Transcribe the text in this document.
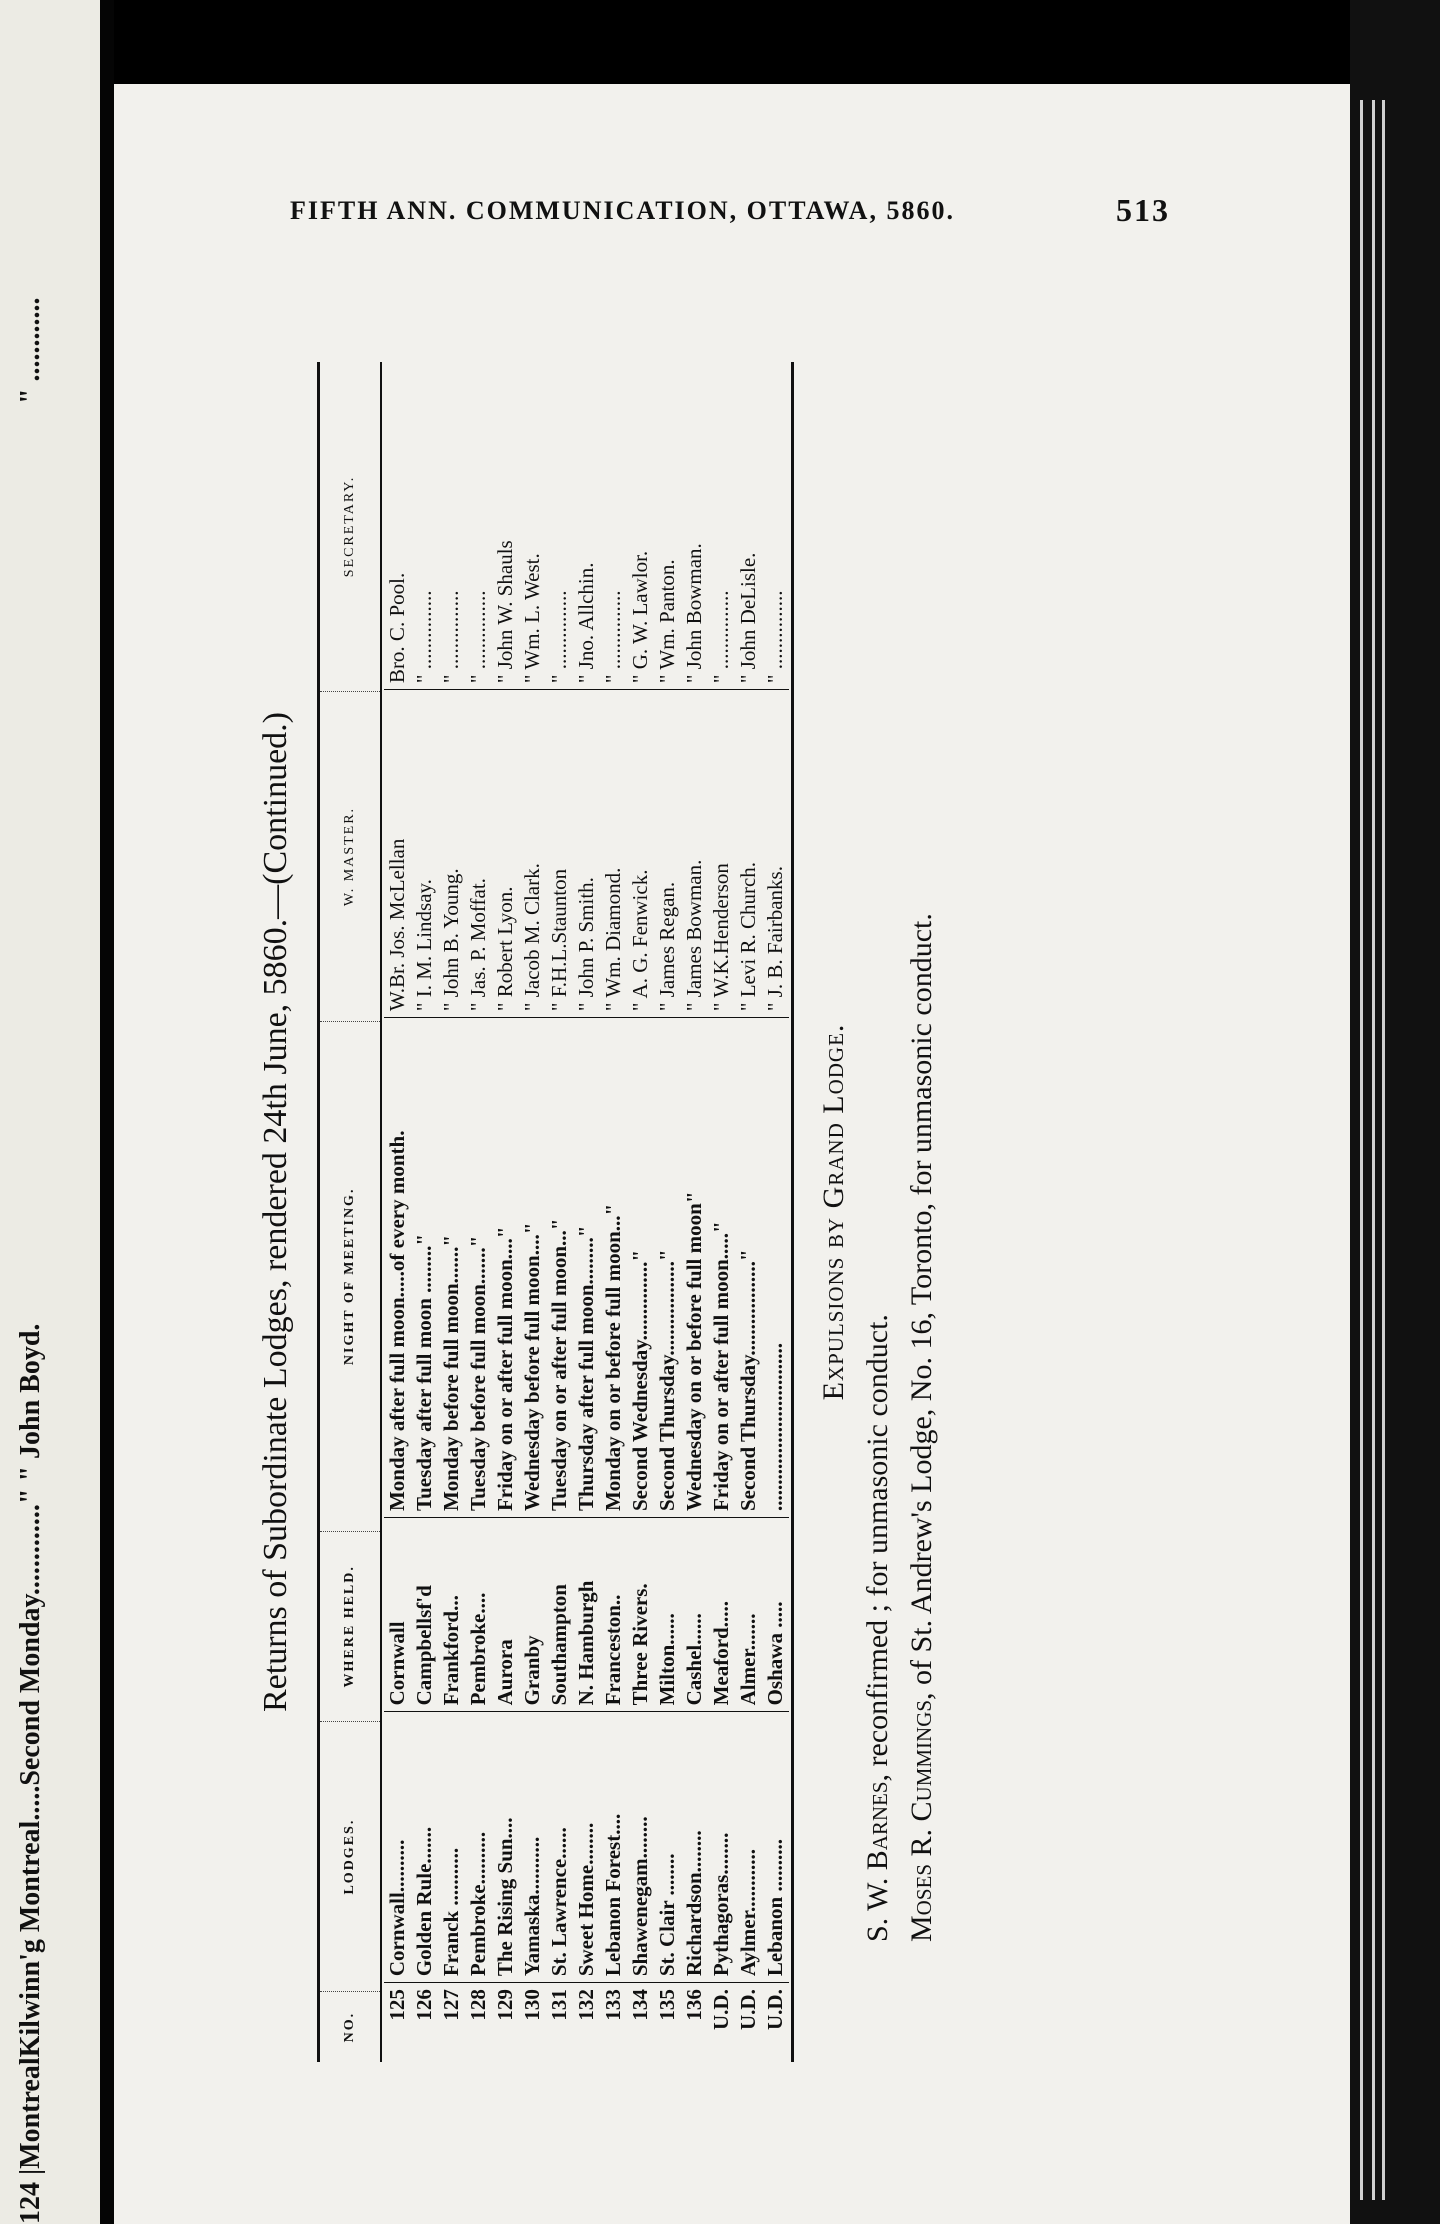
124 |MontrealKilwinn'g Montreal.....Second Monday............." " John Boyd.
" ............
FIFTH ANN. COMMUNICATION, OTTAWA, 5860.	513
Returns of Subordinate Lodges, rendered 24th June, 5860.—(Continued.)
NO.
LODGES.
WHERE HELD.
NIGHT OF MEETING.
W. MASTER.
SECRETARY.
125
Cornwall..........
Cornwall
Monday after full moon.....of every month.
W.Br. Jos. McLellan
Bro. C. Pool.
126
Golden Rule.......
Campbellsf'd
Tuesday after full moon ........."
" I. M. Lindsay.
" ...............
127
Franck ...........
Frankford...
Monday before full moon......."
" John B. Young.
" ...............
128
Pembroke..........
Pembroke....
Tuesday before full moon......."
" Jas. P. Moffat.
" ...............
129
The Rising Sun....
Aurora
Friday on or after full moon...."
" Robert Lyon.
" John W. Shauls
130
Yamaska...........
Granby
Wednesday before full moon...."
" Jacob M. Clark.
" Wm. L. West.
131
St. Lawrence......
Southampton
Tuesday on or after full moon..."
" F.H.L.Staunton
" ...............
132
Sweet Home........
N. Hamburgh
Thursday after full moon........."
" John P. Smith.
" Jno. Allchin.
133
Lebanon Forest....
Franceston..
Monday on or before full moon..."
" Wm. Diamond.
" ...............
134
Shawenegam........
Three Rivers.
Second Wednesday..............."
" A. G. Fenwick.
" G. W. Lawlor.
135
St. Clair ........
Milton......
Second Thursday.................."
" James Regan.
" Wm. Panton.
136
Richardson........
Cashel......
Wednesday on or before full moon"
" James Bowman.
" John Bowman.
U.D.
Pythagoras........
Meaford.....
Friday on or after full moon....."
" W.K.Henderson
" ...............
U.D.
Aylmer............
Almer.......
Second Thursday.................."
" Levi R. Church.
" John DeLisle.
U.D.
Lebanon ..........
Oshawa .....
................................
" J. B. Fairbanks.
" ...............
Expulsions by Grand Lodge.
S. W. Barnes, reconfirmed ; for unmasonic conduct.
Moses R. Cummings, of St. Andrew's Lodge, No. 16, Toronto, for unmasonic conduct.
